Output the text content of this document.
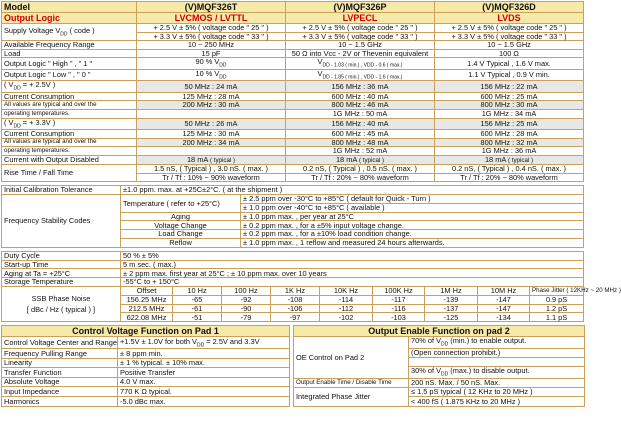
Model	(V)MQF326T	(V)MQF326P	(V)MQF326D
Output Logic	LVCMOS / LVTTL	LVPECL	LVDS
Supply Voltage $V_{DD}$ ( code )	+ 2.5 V ± 5% ( voltage code " 25 " )	+ 2.5 V ± 5% ( voltage code " 25 " )	+ 2.5 V ± 5% ( voltage code " 25 " )
	+ 3.3 V ± 5% ( voltage code " 33 " )	+ 3.3 V ± 5% ( voltage code " 33 " )	+ 3.3 V ± 5% ( voltage code " 33 " )
Available Frequency Range	10 ~ 250 MHz	10 ~ 1.5 GHz	10 ~ 1.5 GHz
Load	15 pF	50 Ω into Vcc - 2V or Thevenin equivalent	100 Ω
Output Logic " High " , " 1 "	90 % $V_{DD}$	$V_{DD - 1.03 ( min.) , VDD - 0.6 ( max.)}$	1.4 V Typical , 1.6 V max.
Output Logic " Low " , " 0 "	10 % $V_{DD}$	$V_{DD - 1.85 ( min.) , VDD - 1.6 ( max.)}$	1.1 V Typical , 0.9 V min.
( $V_{DD}$ = + 2.5V )	50 MHz : 24 mA	156 MHz : 36 mA	156 MHz : 22 mA
Current Consumption	125 MHz : 28 mA	600 MHz : 40 mA	600 MHz : 25 mA
All values are typical and over the	200 MHz : 30 mA	800 MHz : 46 mA	800 MHz : 30 mA
operating temperatures.		1G MHz : 50 mA	1G MHz : 34 mA
( $V_{DD}$ = + 3.3V )	50 MHz : 26 mA	156 MHz : 40 mA	156 MHz : 25 mA
Current Consumption	125 MHz : 30 mA	600 MHz : 45 mA	600 MHz : 28 mA
All values are typical and over the	200 MHz : 34 mA	800 MHz : 48 mA	800 MHz : 32 mA
operating temperatures.		1G MHz : 52 mA	1G MHz : 36 mA
Current with Output Disabled	18 mA ( typical )	18 mA ( typical )	18 mA ( typical )
Rise Time / Fall Time	1.5 nS, ( Typical ) , 3.0 nS. ( max. )	0.2 nS, ( Typical ) , 0.5 nS. ( max. )	0.2 nS, ( Typical ) , 0.4 nS. ( max. )
	Tr / Tf : 10% ~ 90% waveform	Tr / Tf : 20% ~ 80% waveform	Tr / Tf : 20% ~ 80% waveform
Initial Calibration Tolerance	±1.0 ppm. max. at +25C±2°C. ( at the shipment )	
Frequency Stability Codes	Temperature ( refer to +25°C)	± 2.5 ppm over -30°C to +85°C ( default for Quick - Turn )
		± 1.0 ppm over -40°C to +85°C ( available )
	Aging	± 1.0 ppm max. , per year at 25°C
	Voltage Change	± 0.2 ppm max. , for a ±5% input voltage change.
	Load Change	± 0.2 ppm max. , for a ±10% load condition change.
	Reflow	± 1.0 ppm max. , 1 reflow and measured 24 hours afterwards.
Duty Cycle	50 % ± 5%								
Start-up Time	5 m sec. ( max.)								
Aging at Ta = +25°C	± 2 ppm max. first year at 25°C ; ± 10 ppm max. over 10 years								
Storage Temperature	-55°C to + 150°C								
SSB Phase Noise
[ dBc / Hz ( typical ) ]	Offset	10 Hz	100 Hz	1K Hz	10K Hz	100K Hz	1M Hz	10M Hz	Phase Jitter ( 12KHz ~ 20 MHz )
	156.25 MHz	-65	-92	-108	-114	-117	-139	-147	0.9 pS
	212.5 MHz	-61	-90	-106	-112	-116	-137	-147	1.2 pS
	622.08 MHz	-51	-79	-97	-102	-103	-125	-134	1.1 pS
Control Voltage Function on Pad 1	
Control Voltage Center and Range	+1.5V ± 1.0V for both $V_{DD} = 2.5V$ and 3.3V
Frequency Pulling Range	± 8 ppm min.
Linearity	± 1 % typical. ± 10% max.
Transfer Function	Positive Transfer
Absolute Voltage	4.0 V max.
Input Impedance	770 K Ω typical.
Harmonics	-5.0 dBc max.
Output Enable Function on pad 2	
OE Control on Pad 2	70% of $V_{DD}$ (min.) to enable output.
	(Open connection prohibit.)

	30% of $V_{DD}$ (max.) to disable output.
Output Enable Time / Disable Time	200 nS. Max. / 50 nS. Max.
Integrated Phase Jitter	≤ 1.5 pS typical ( 12 KHz to 20 MHz )
	< 400 fS ( 1.875 KHz to 20 MHz )
